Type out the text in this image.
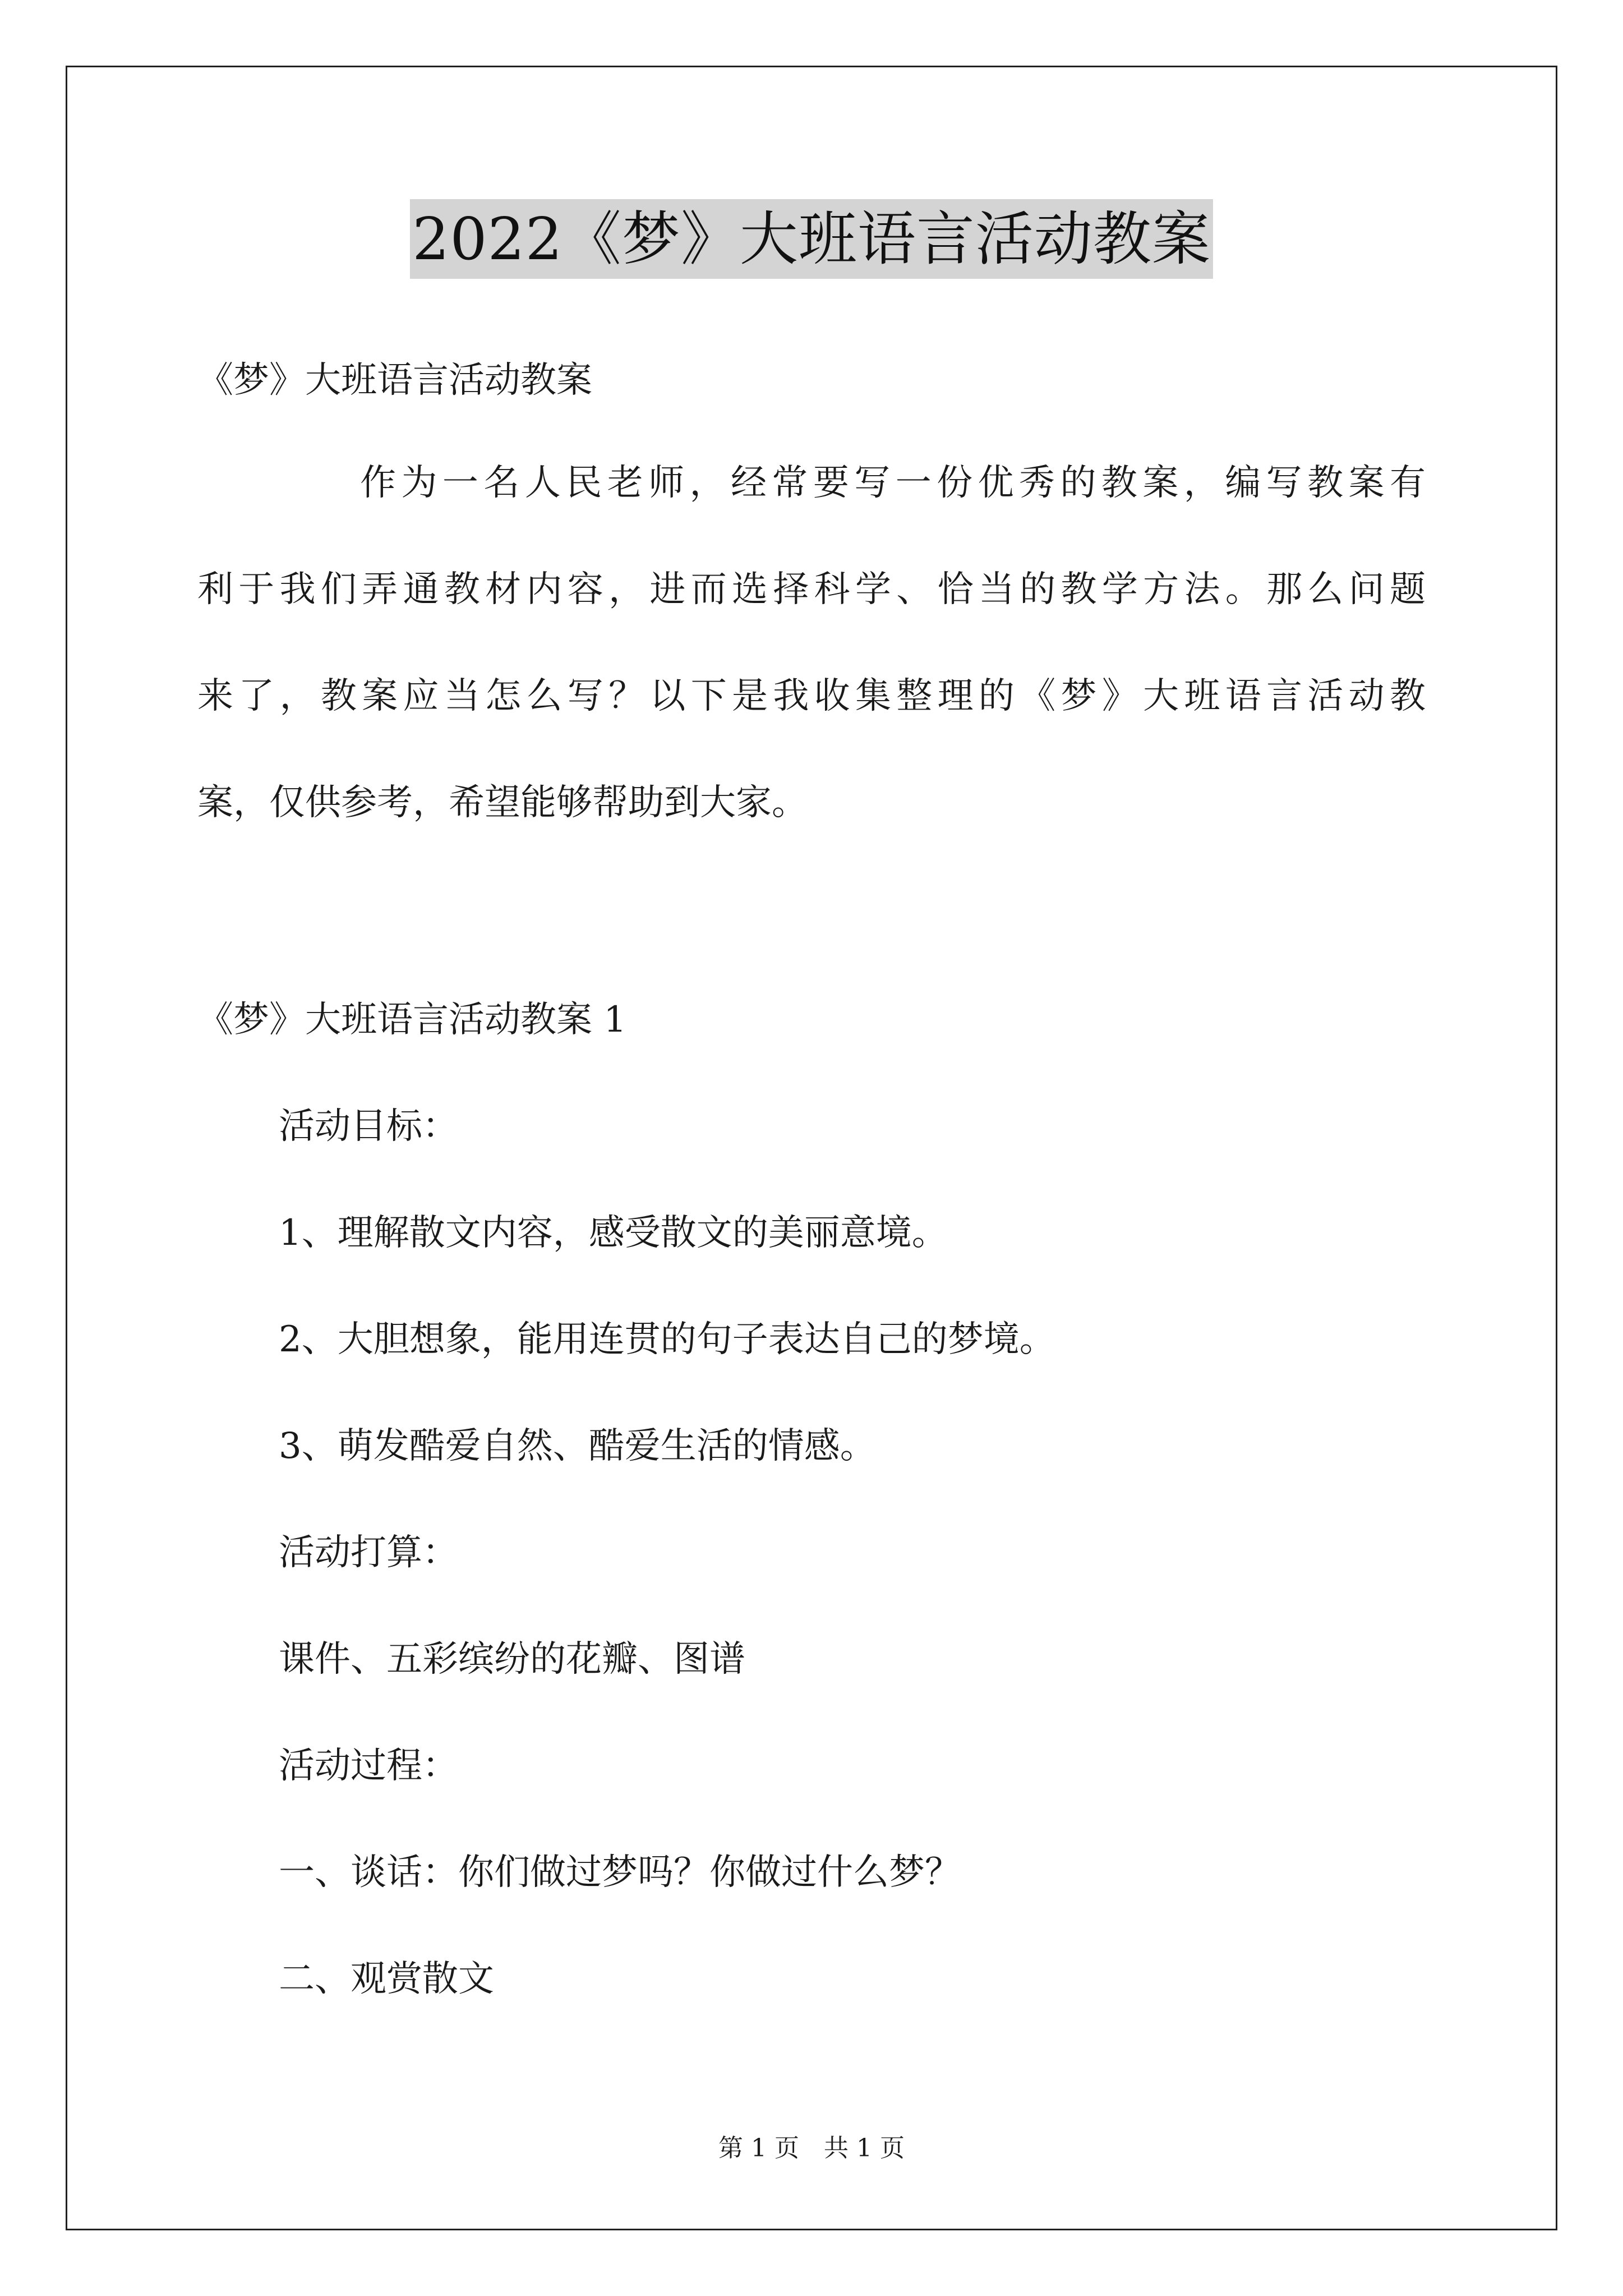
2022《梦》大班语言活动教案
《梦》大班语言活动教案
作为一名人民老师，经常要写一份优秀的教案，编写教案有
利于我们弄通教材内容，进而选择科学、恰当的教学方法。那么问题
来了，教案应当怎么写？以下是我收集整理的《梦》大班语言活动教
案，仅供参考，希望能够帮助到大家。
《梦》大班语言活动教案 1
活动目标：
1、理解散文内容，感受散文的美丽意境。
2、大胆想象，能用连贯的句子表达自己的梦境。
3、萌发酷爱自然、酷爱生活的情感。
活动打算：
课件、五彩缤纷的花瓣、图谱
活动过程：
一、谈话：你们做过梦吗？你做过什么梦？
二、观赏散文
第 1 页　共 1 页
